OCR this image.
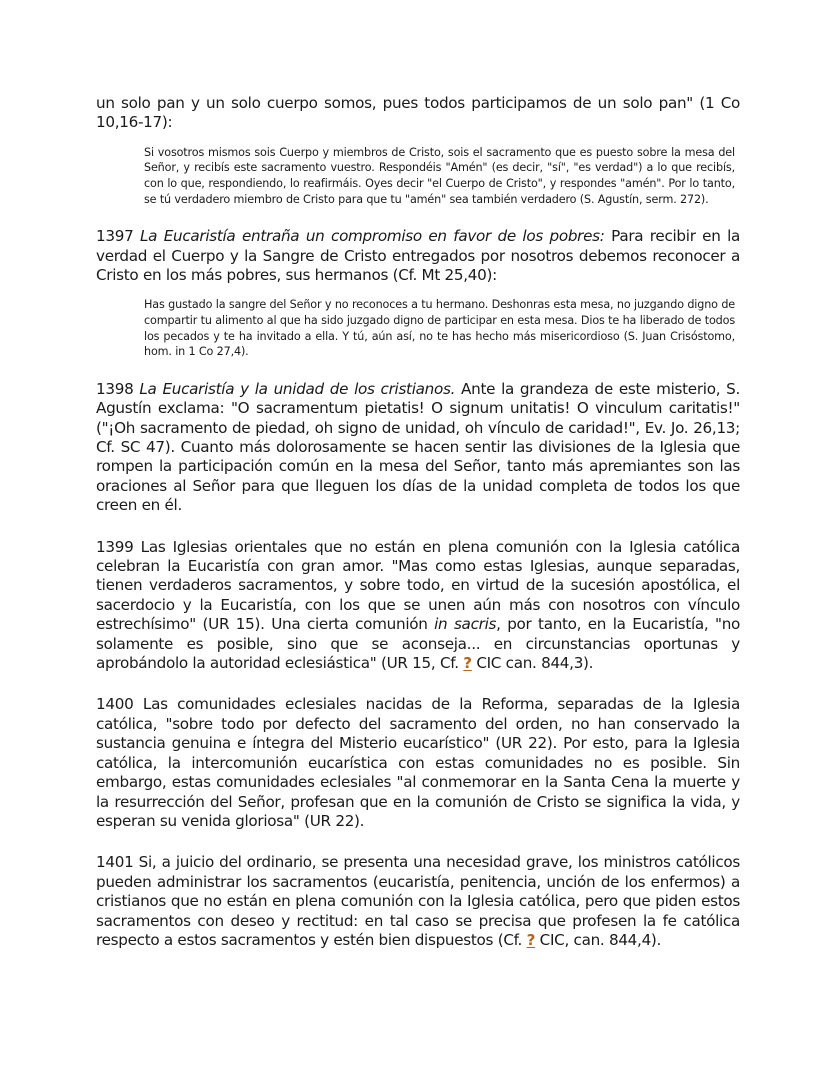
un solo pan y un solo cuerpo somos, pues todos participamos de un solo pan" (1 Co 10,16-17):

Si vosotros mismos sois Cuerpo y miembros de Cristo, sois el sacramento que es puesto sobre la mesa del Señor, y recibís este sacramento vuestro. Respondéis "Amén" (es decir, "sí", "es verdad") a lo que recibís, con lo que, respondiendo, lo reafirmáis. Oyes decir "el Cuerpo de Cristo", y respondes "amén". Por lo tanto, se tú verdadero miembro de Cristo para que tu "amén" sea también verdadero (S. Agustín, serm. 272).

1397 La Eucaristía entraña un compromiso en favor de los pobres: Para recibir en la verdad el Cuerpo y la Sangre de Cristo entregados por nosotros debemos reconocer a Cristo en los más pobres, sus hermanos (Cf. Mt 25,40):

Has gustado la sangre del Señor y no reconoces a tu hermano. Deshonras esta mesa, no juzgando digno de compartir tu alimento al que ha sido juzgado digno de participar en esta mesa. Dios te ha liberado de todos los pecados y te ha invitado a ella. Y tú, aún así, no te has hecho más misericordioso (S. Juan Crisóstomo, hom. in 1 Co 27,4).

1398 La Eucaristía y la unidad de los cristianos. Ante la grandeza de este misterio, S. Agustín exclama: "O sacramentum pietatis! O signum unitatis! O vinculum caritatis!" ("¡Oh sacramento de piedad, oh signo de unidad, oh vínculo de caridad!", Ev. Jo. 26,13; Cf. SC 47). Cuanto más dolorosamente se hacen sentir las divisiones de la Iglesia que rompen la participación común en la mesa del Señor, tanto más apremiantes son las oraciones al Señor para que lleguen los días de la unidad completa de todos los que creen en él.

1399 Las Iglesias orientales que no están en plena comunión con la Iglesia católica celebran la Eucaristía con gran amor. "Mas como estas Iglesias, aunque separadas, tienen verdaderos sacramentos, y sobre todo, en virtud de la sucesión apostólica, el sacerdocio y la Eucaristía, con los que se unen aún más con nosotros con vínculo estrechísimo" (UR 15). Una cierta comunión in sacris, por tanto, en la Eucaristía, "no solamente es posible, sino que se aconseja... en circunstancias oportunas y aprobándolo la autoridad eclesiástica" (UR 15, Cf. ? CIC can. 844,3).

1400 Las comunidades eclesiales nacidas de la Reforma, separadas de la Iglesia católica, "sobre todo por defecto del sacramento del orden, no han conservado la sustancia genuina e íntegra del Misterio eucarístico" (UR 22). Por esto, para la Iglesia católica, la intercomunión eucarística con estas comunidades no es posible. Sin embargo, estas comunidades eclesiales "al conmemorar en la Santa Cena la muerte y la resurrección del Señor, profesan que en la comunión de Cristo se significa la vida, y esperan su venida gloriosa" (UR 22).

1401 Si, a juicio del ordinario, se presenta una necesidad grave, los ministros católicos pueden administrar los sacramentos (eucaristía, penitencia, unción de los enfermos) a cristianos que no están en plena comunión con la Iglesia católica, pero que piden estos sacramentos con deseo y rectitud: en tal caso se precisa que profesen la fe católica respecto a estos sacramentos y estén bien dispuestos (Cf. ? CIC, can. 844,4).
